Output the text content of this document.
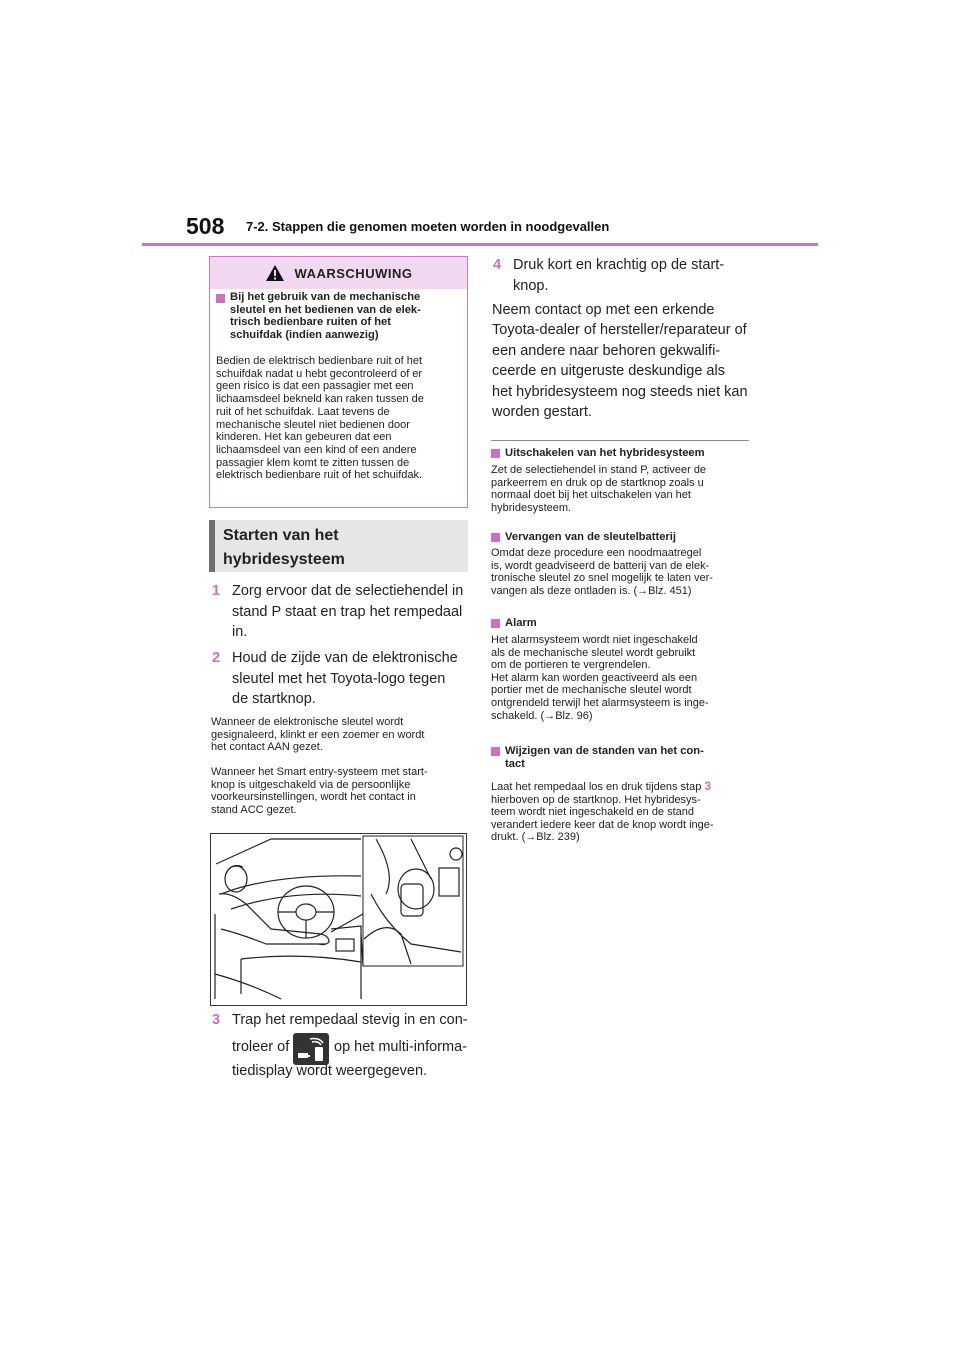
508 7-2. Stappen die genomen moeten worden in noodgevallen
WAARSCHUWING
Bij het gebruik van de mechanische
sleutel en het bedienen van de elek-
trisch bedienbare ruiten of het
schuifdak (indien aanwezig)
Bedien de elektrisch bedienbare ruit of het
schuifdak nadat u hebt gecontroleerd of er
geen risico is dat een passagier met een
lichaamsdeel bekneld kan raken tussen de
ruit of het schuifdak. Laat tevens de
mechanische sleutel niet bedienen door
kinderen. Het kan gebeuren dat een
lichaamsdeel van een kind of een andere
passagier klem komt te zitten tussen de
elektrisch bedienbare ruit of het schuifdak.
Starten van het
hybridesysteem
1 Zorg ervoor dat de selectiehendel in
stand P staat en trap het rempedaal
in.
2 Houd de zijde van de elektronische
sleutel met het Toyota-logo tegen
de startknop.
Wanneer de elektronische sleutel wordt
gesignaleerd, klinkt er een zoemer en wordt
het contact AAN gezet.
Wanneer het Smart entry-systeem met start-
knop is uitgeschakeld via de persoonlijke
voorkeursinstellingen, wordt het contact in
stand ACC gezet.
3 Trap het rempedaal stevig in en con-
troleer of	op het multi-informa-
tiedisplay wordt weergegeven.
4 Druk kort en krachtig op de start-
knop.
Neem contact op met een erkende
Toyota-dealer of hersteller/reparateur of
een andere naar behoren gekwalifi-
ceerde en uitgeruste deskundige als
het hybridesysteem nog steeds niet kan
worden gestart.
Uitschakelen van het hybridesysteem
Zet de selectiehendel in stand P, activeer de
parkeerrem en druk op de startknop zoals u
normaal doet bij het uitschakelen van het
hybridesysteem.
Vervangen van de sleutelbatterij
Omdat deze procedure een noodmaatregel
is, wordt geadviseerd de batterij van de elek-
tronische sleutel zo snel mogelijk te laten ver-
vangen als deze ontladen is. (→Blz. 451)
Alarm
Het alarmsysteem wordt niet ingeschakeld
als de mechanische sleutel wordt gebruikt
om de portieren te vergrendelen.
Het alarm kan worden geactiveerd als een
portier met de mechanische sleutel wordt
ontgrendeld terwijl het alarmsysteem is inge-
schakeld. (→Blz. 96)
Wijzigen van de standen van het con-
tact
Laat het rempedaal los en druk tijdens stap 3
hierboven op de startknop. Het hybridesys-
teem wordt niet ingeschakeld en de stand
verandert iedere keer dat de knop wordt inge-
drukt. (→Blz. 239)
